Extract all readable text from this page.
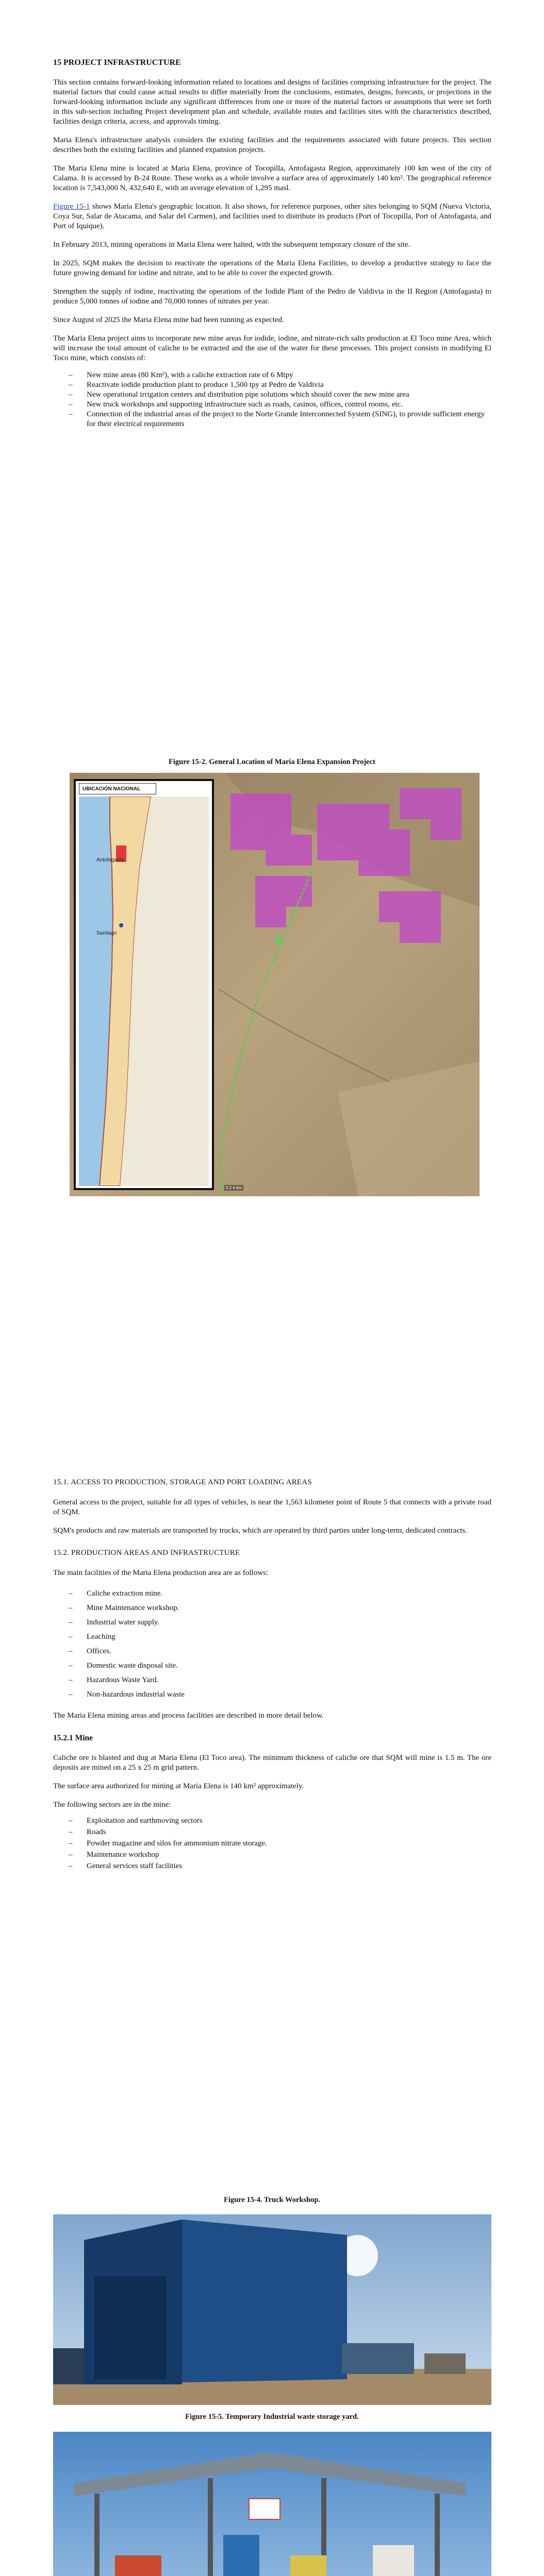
15 PROJECT INFRASTRUCTURE

This section contains forward-looking information related to locations and designs of facilities comprising infrastructure for the project. The material factors that could cause actual results to differ materially from the conclusions, estimates, designs, forecasts, or projections in the forward-looking information include any significant differences from one or more of the material factors or assumptions that were set forth in this sub-section including Project development plan and schedule, available routes and facilities sites with the characteristics described, facilities design criteria, access, and approvals timing.

Maria Elena's infrastructure analysis considers the existing facilities and the requirements associated with future projects. This section describes both the existing facilities and planned expansion projects.

The Maria Elena mine is located at Maria Elena, province of Tocopilla, Antofagasta Region, approximately 100 km west of the city of Calama. It is accessed by B-24 Route. These works as a whole involve a surface area of approximately 140 km². The geographical reference location is 7,543,000 N, 432,640 E, with an average elevation of 1,295 masl.

Figure 15-1 shows Maria Elena's geographic location. It also shows, for reference purposes, other sites belonging to SQM (Nueva Victoria, Coya Sur, Salar de Atacama, and Salar del Carmen), and facilities used to distribute its products (Port of Tocopilla, Port of Antofagasta, and Port of Iquique).

In February 2013, mining operations in Maria Elena were halted, with the subsequent temporary closure of the site.

In 2025, SQM makes the decision to reactivate the operations of the Maria Elena Facilities, to develop a productive strategy to face the future growing demand for iodine and nitrate, and to be able to cover the expected growth.

Strengthen the supply of iodine, reactivating the operations of the Iodide Plant of the Pedro de Valdivia in the II Region (Antofagasta) to produce 5,000 tonnes of iodine and 70,000 tonnes of nitrates per year.

Since August of 2025 the Maria Elena mine had been running as expected.

The Maria Elena project aims to incorporate new mine areas for iodide, iodine, and nitrate-rich salts production at El Toco mine Area, which will increase the total amount of caliche to be extracted and the use of the water for these processes. This project consists in modifying El Toco mine, which consists of:

– New mine areas (80 Km²), with a caliche extraction rate of 6 Mtpy
– Reactivate iodide production plant to produce 1,500 tpy at Pedro de Valdivia
– New operational irrigation centers and distribution pipe solutions which should cover the new mine area
– New truck workshops and supporting infrastructure such as roads, casinos, offices, control rooms, etc.
– Connection of the industrial areas of the project to the Norte Grande Interconnected System (SING), to provide sufficient energy for their electrical requirements
Figure 15-2. General Location of Maria Elena Expansion Project
UBICACIÓN NACIONAL
Antofagasta
Santiago
0 2 4 km
15.1. ACCESS TO PRODUCTION, STORAGE AND PORT LOADING AREAS

General access to the project, suitable for all types of vehicles, is near the 1,563 kilometer point of Route 5 that connects with a private road of SQM.

SQM's products and raw materials are transported by trucks, which are operated by third parties under long-term, dedicated contracts.

15.2. PRODUCTION AREAS AND INFRASTRUCTURE

The main facilities of the Maria Elena production area are as follows:

– Caliche extraction mine.
– Mine Maintenance workshop.
– Industrial water supply.
– Leaching
– Offices.
– Domestic waste disposal site.
– Hazardous Waste Yard.
– Non-hazardous industrial waste

The Maria Elena mining areas and process facilities are described in more detail below.

15.2.1 Mine

Caliche ore is blasted and dug at Maria Elena (El Toco area). The minimum thickness of caliche ore that SQM will mine is 1.5 m. The ore deposits are mined on a 25 x 25 m grid pattern.

The surface area authorized for mining at Maria Elena is 140 km² approximately.

The following sectors are in the mine:

– Exploitation and earthmoving sectors
– Roads
– Powder magazine and silos for ammonium nitrate storage.
– Maintenance workshop
– General services staff facilities
Figure 15-4. Truck Workshop.
Figure 15-5. Temporary Industrial waste storage yard.
